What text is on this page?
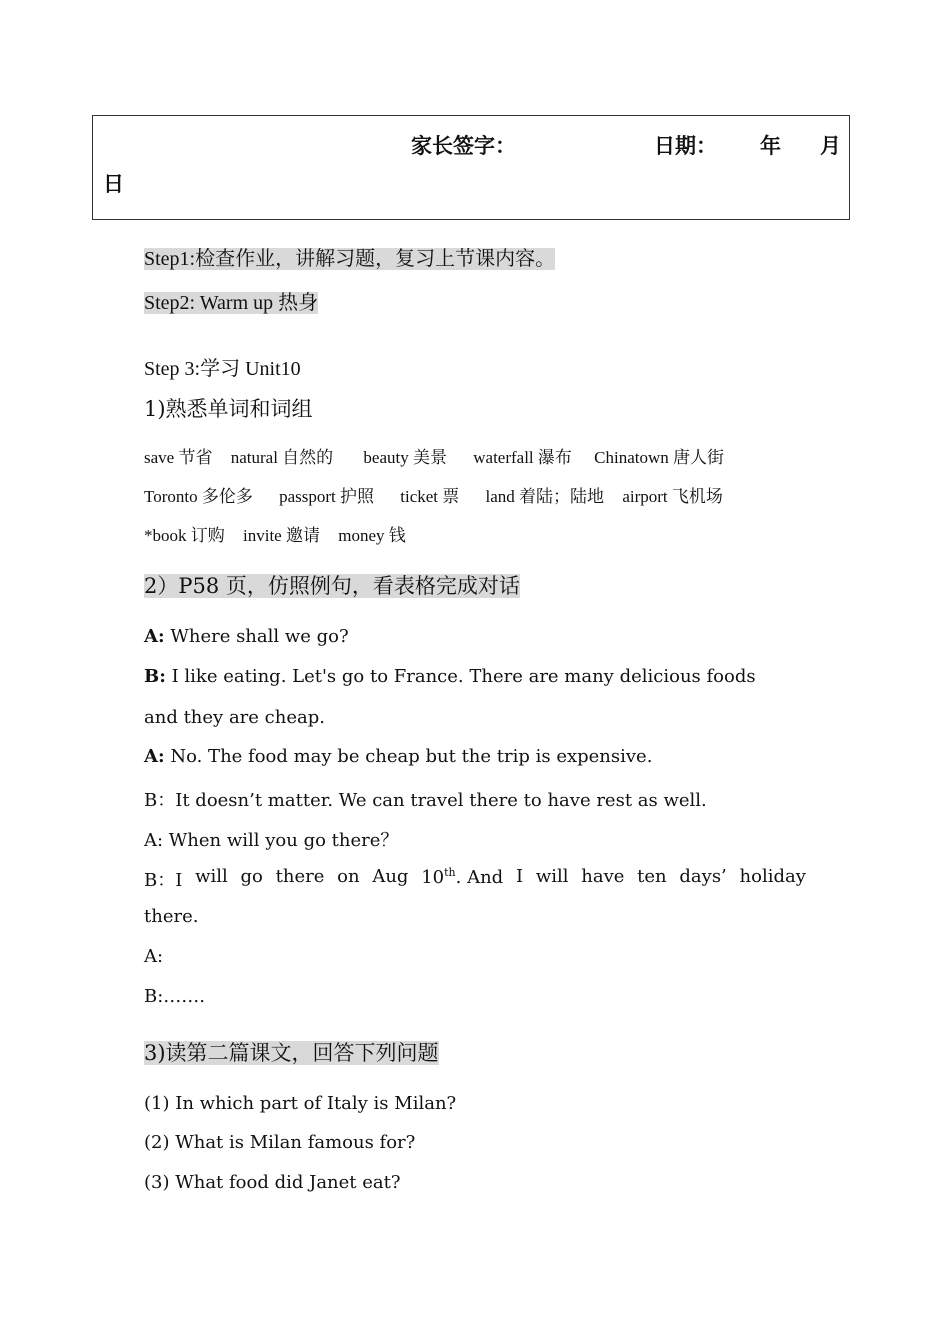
家长签字：	日期： 年 月
日
Step1:检查作业，讲解习题，复习上节课内容。
Step2: Warm up 热身
Step 3:学习 Unit10
1)熟悉单词和词组
save 节省 natural 自然的 beauty 美景 waterfall 瀑布 Chinatown 唐人街
Toronto 多伦多 passport 护照 ticket 票 land 着陆；陆地 airport 飞机场
*book 订购 invite 邀请 money 钱
2）P58 页，仿照例句，看表格完成对话
A: Where shall we go?
B: I like eating. Let's go to France. There are many delicious foods
and they are cheap.
A: No. The food may be cheap but the trip is expensive.
B：It doesn’t matter. We can travel there to have rest as well.
A: When will you go there？
B：I will go there on Aug 10th. And I will have ten days’ holiday
there.
A:
B:…….
3)读第二篇课文，回答下列问题
(1) In which part of Italy is Milan?
(2) What is Milan famous for?
(3) What food did Janet eat?
